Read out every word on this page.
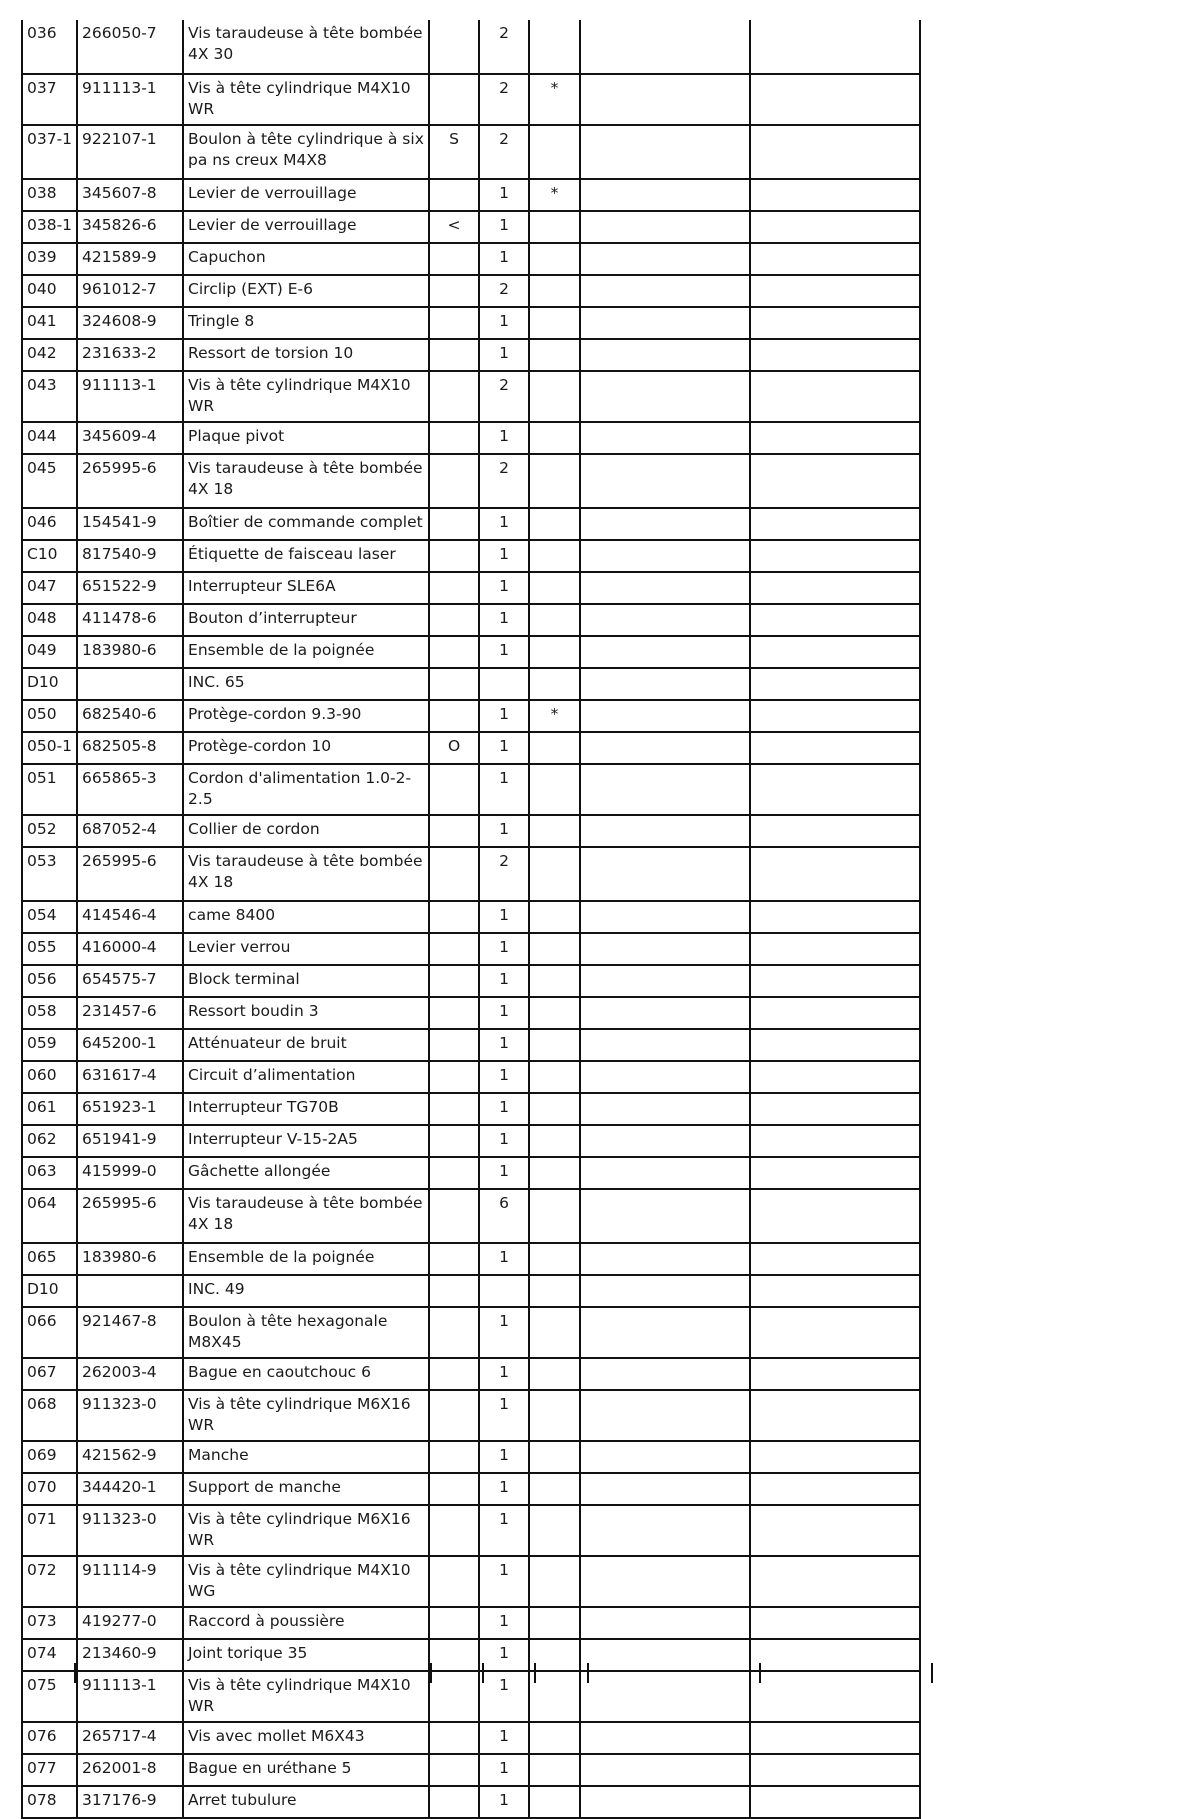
036	266050-7	Vis taraudeuse à tête bombée 4X 30		2			
037	911113-1	Vis à tête cylindrique M4X10 WR		2	*		
037-1	922107-1	Boulon à tête cylindrique à six pa ns creux M4X8	S	2			
038	345607-8	Levier de verrouillage		1	*		
038-1	345826-6	Levier de verrouillage	<	1			
039	421589-9	Capuchon		1			
040	961012-7	Circlip (EXT) E-6		2			
041	324608-9	Tringle 8		1			
042	231633-2	Ressort de torsion 10		1			
043	911113-1	Vis à tête cylindrique M4X10 WR		2			
044	345609-4	Plaque pivot		1			
045	265995-6	Vis taraudeuse à tête bombée 4X 18		2			
046	154541-9	Boîtier de commande complet		1			
C10	817540-9	Étiquette de faisceau laser		1			
047	651522-9	Interrupteur SLE6A		1			
048	411478-6	Bouton d’interrupteur		1			
049	183980-6	Ensemble de la poignée		1			
D10		INC. 65					
050	682540-6	Protège-cordon 9.3-90		1	*		
050-1	682505-8	Protège-cordon 10	O	1			
051	665865-3	Cordon d'alimentation 1.0-2-2.5		1			
052	687052-4	Collier de cordon		1			
053	265995-6	Vis taraudeuse à tête bombée 4X 18		2			
054	414546-4	came 8400		1			
055	416000-4	Levier verrou		1			
056	654575-7	Block terminal		1			
058	231457-6	Ressort boudin 3		1			
059	645200-1	Atténuateur de bruit		1			
060	631617-4	Circuit d’alimentation		1			
061	651923-1	Interrupteur TG70B		1			
062	651941-9	Interrupteur V-15-2A5		1			
063	415999-0	Gâchette allongée		1			
064	265995-6	Vis taraudeuse à tête bombée 4X 18		6			
065	183980-6	Ensemble de la poignée		1			
D10		INC. 49					
066	921467-8	Boulon à tête hexagonale M8X45		1			
067	262003-4	Bague en caoutchouc 6		1			
068	911323-0	Vis à tête cylindrique M6X16 WR		1			
069	421562-9	Manche		1			
070	344420-1	Support de manche		1			
071	911323-0	Vis à tête cylindrique M6X16 WR		1			
072	911114-9	Vis à tête cylindrique M4X10 WG		1			
073	419277-0	Raccord à poussière		1			
074	213460-9	Joint torique 35		1			
075	911113-1	Vis à tête cylindrique M4X10 WR		1			
076	265717-4	Vis avec mollet M6X43		1			
077	262001-8	Bague en uréthane 5		1			
078	317176-9	Arret tubulure		1			
